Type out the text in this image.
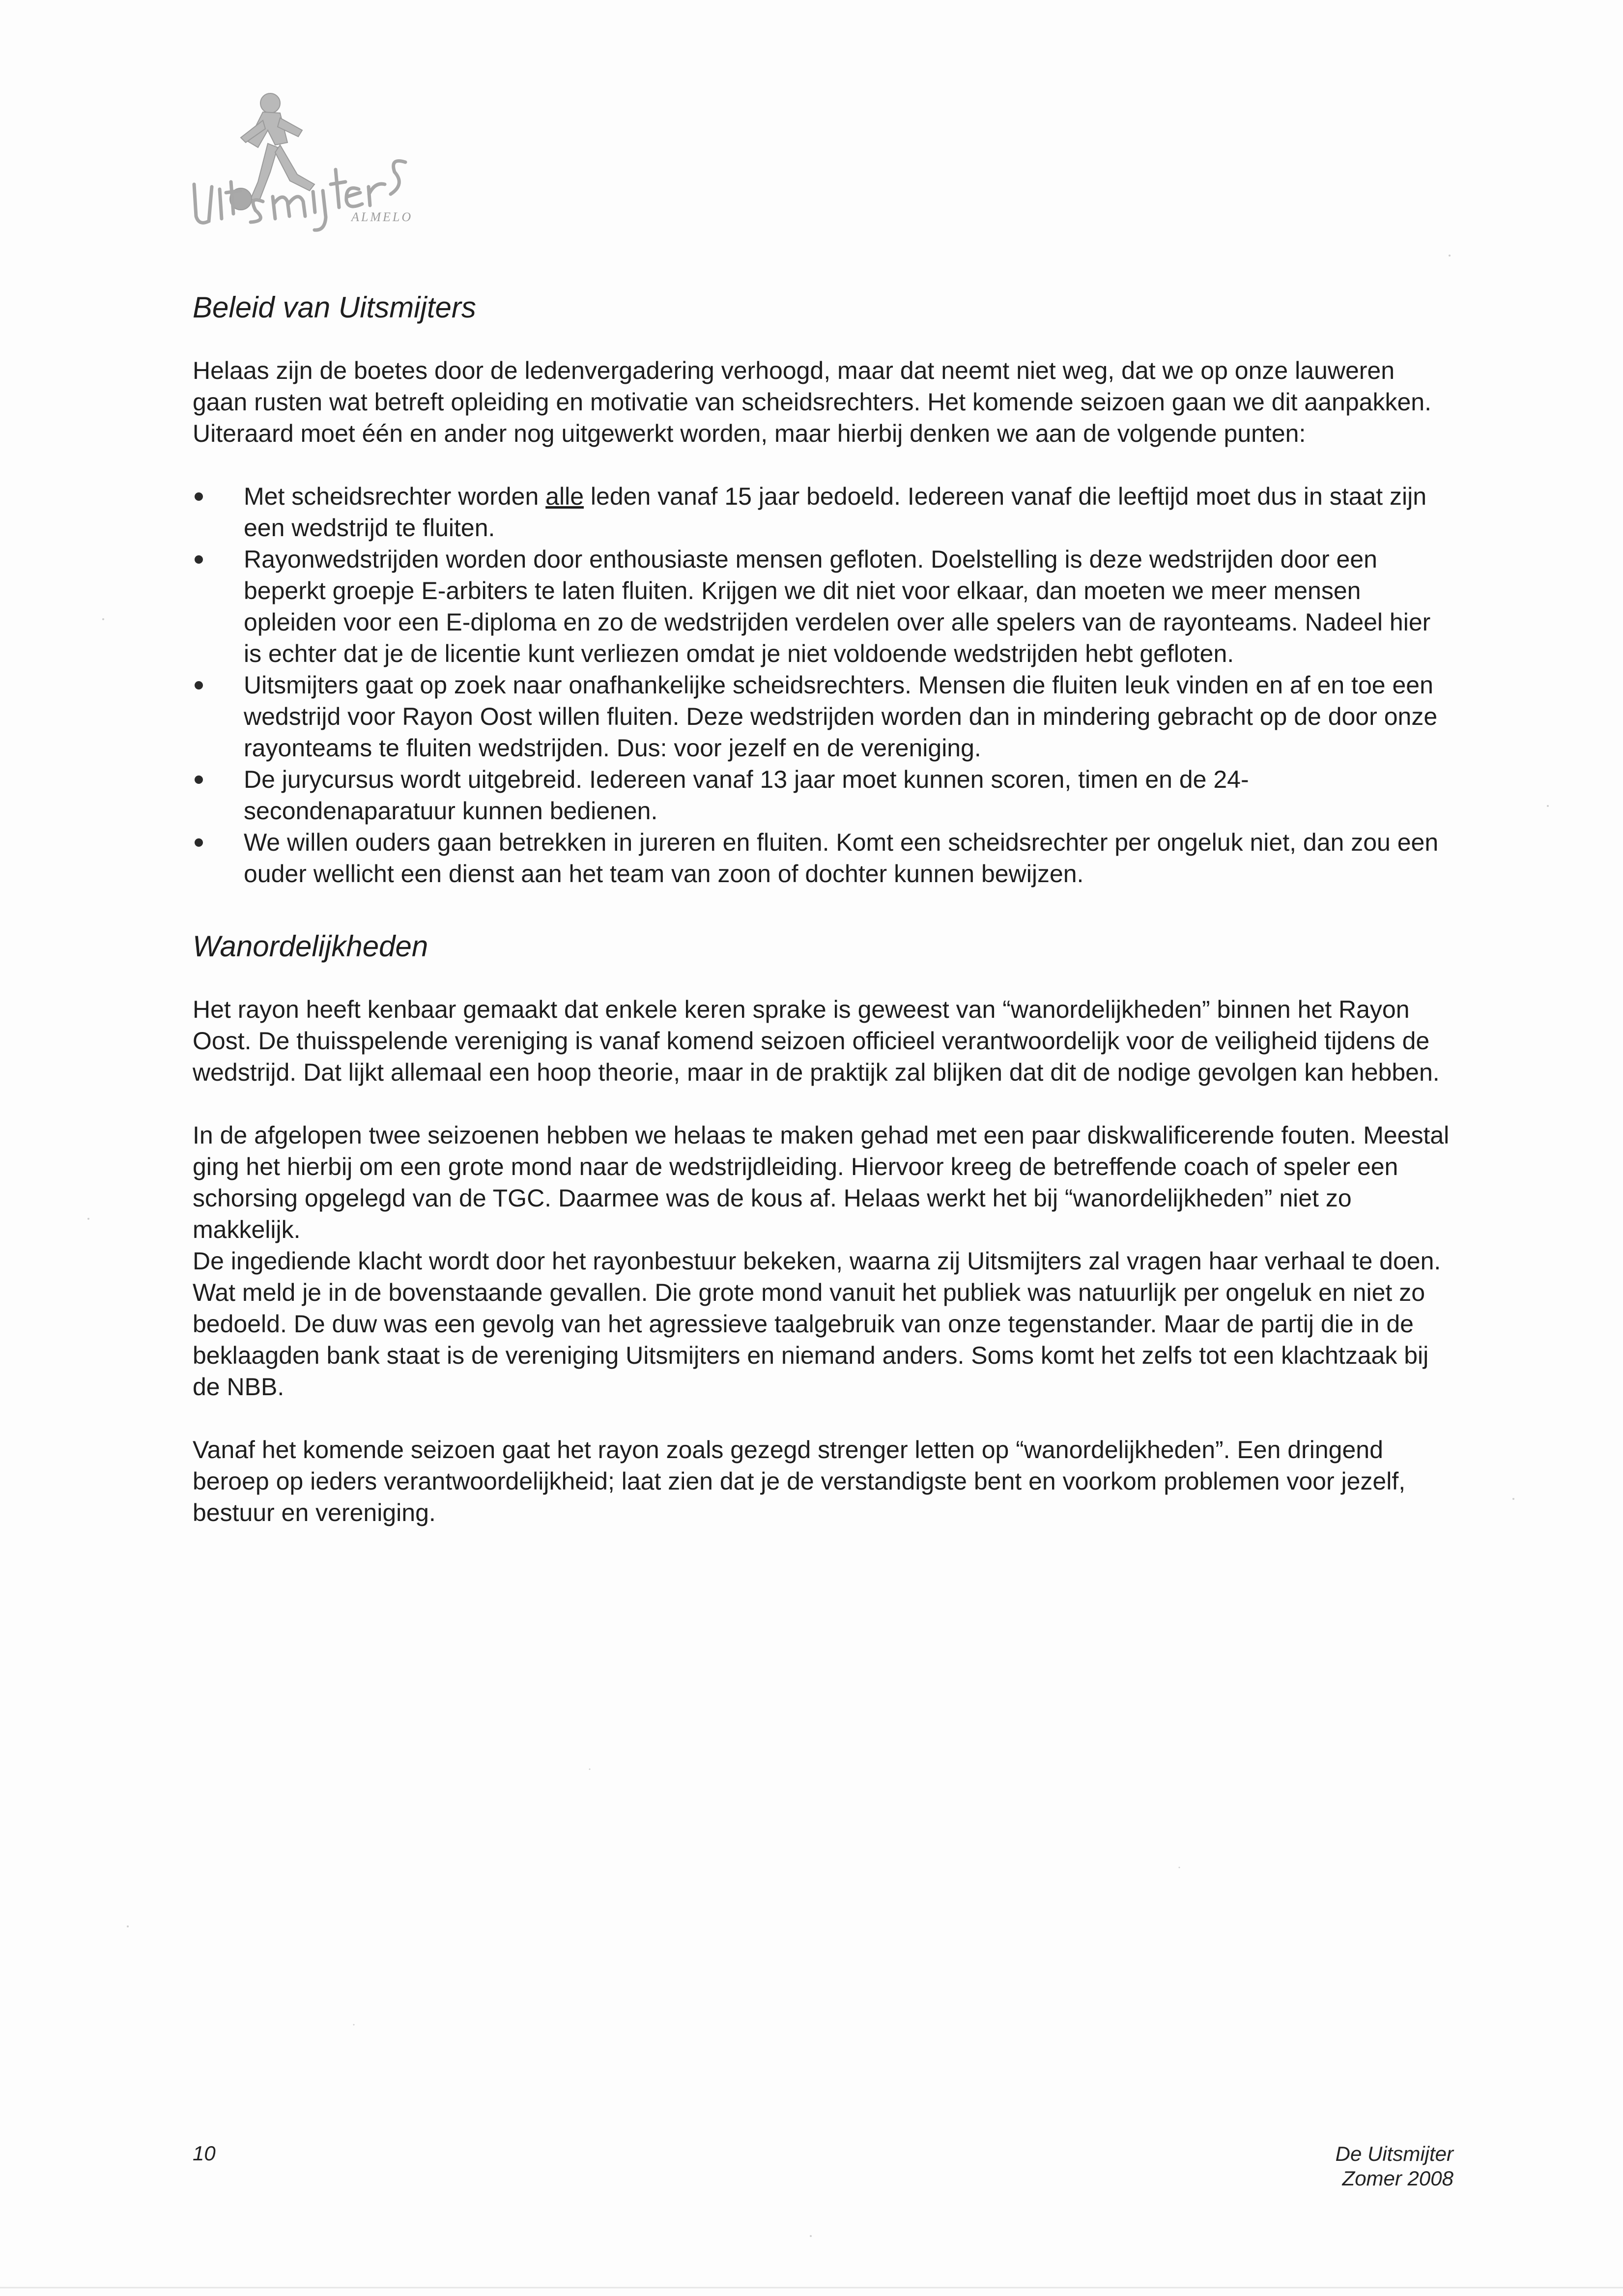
ALMELO
Beleid van Uitsmijters

Helaas zijn de boetes door de ledenvergadering verhoogd, maar dat neemt niet weg, dat we op onze lauweren gaan rusten wat betreft opleiding en motivatie van scheidsrechters. Het komende seizoen gaan we dit aanpakken. Uiteraard moet één en ander nog uitgewerkt worden, maar hierbij denken we aan de volgende punten:

Met scheidsrechter worden alle leden vanaf 15 jaar bedoeld. Iedereen vanaf die leeftijd moet dus in staat zijn een wedstrijd te fluiten.
Rayonwedstrijden worden door enthousiaste mensen gefloten. Doelstelling is deze wedstrijden door een beperkt groepje E-arbiters te laten fluiten. Krijgen we dit niet voor elkaar, dan moeten we meer mensen opleiden voor een E-diploma en zo de wedstrijden verdelen over alle spelers van de rayonteams. Nadeel hier is echter dat je de licentie kunt verliezen omdat je niet voldoende wedstrijden hebt gefloten.
Uitsmijters gaat op zoek naar onafhankelijke scheidsrechters. Mensen die fluiten leuk vinden en af en toe een wedstrijd voor Rayon Oost willen fluiten. Deze wedstrijden worden dan in mindering gebracht op de door onze rayonteams te fluiten wedstrijden. Dus: voor jezelf en de vereniging.
De jurycursus wordt uitgebreid. Iedereen vanaf 13 jaar moet kunnen scoren, timen en de 24-secondenaparatuur kunnen bedienen.
We willen ouders gaan betrekken in jureren en fluiten. Komt een scheidsrechter per ongeluk niet, dan zou een ouder wellicht een dienst aan het team van zoon of dochter kunnen bewijzen.
Wanordelijkheden

Het rayon heeft kenbaar gemaakt dat enkele keren sprake is geweest van “wanordelijkheden” binnen het Rayon Oost. De thuisspelende vereniging is vanaf komend seizoen officieel verantwoordelijk voor de veiligheid tijdens de wedstrijd. Dat lijkt allemaal een hoop theorie, maar in de praktijk zal blijken dat dit de nodige gevolgen kan hebben.

In de afgelopen twee seizoenen hebben we helaas te maken gehad met een paar diskwalificerende fouten. Meestal ging het hierbij om een grote mond naar de wedstrijdleiding. Hiervoor kreeg de betreffende coach of speler een schorsing opgelegd van de TGC. Daarmee was de kous af. Helaas werkt het bij “wanordelijkheden” niet zo makkelijk.

De ingediende klacht wordt door het rayonbestuur bekeken, waarna zij Uitsmijters zal vragen haar verhaal te doen. Wat meld je in de bovenstaande gevallen. Die grote mond vanuit het publiek was natuurlijk per ongeluk en niet zo bedoeld. De duw was een gevolg van het agressieve taalgebruik van onze tegenstander. Maar de partij die in de beklaagden bank staat is de vereniging Uitsmijters en niemand anders. Soms komt het zelfs tot een klachtzaak bij de NBB.

Vanaf het komende seizoen gaat het rayon zoals gezegd strenger letten op “wanordelijkheden”. Een dringend beroep op ieders verantwoordelijkheid; laat zien dat je de verstandigste bent en voorkom problemen voor jezelf, bestuur en vereniging.

10	De Uitsmijter
Zomer 2008
